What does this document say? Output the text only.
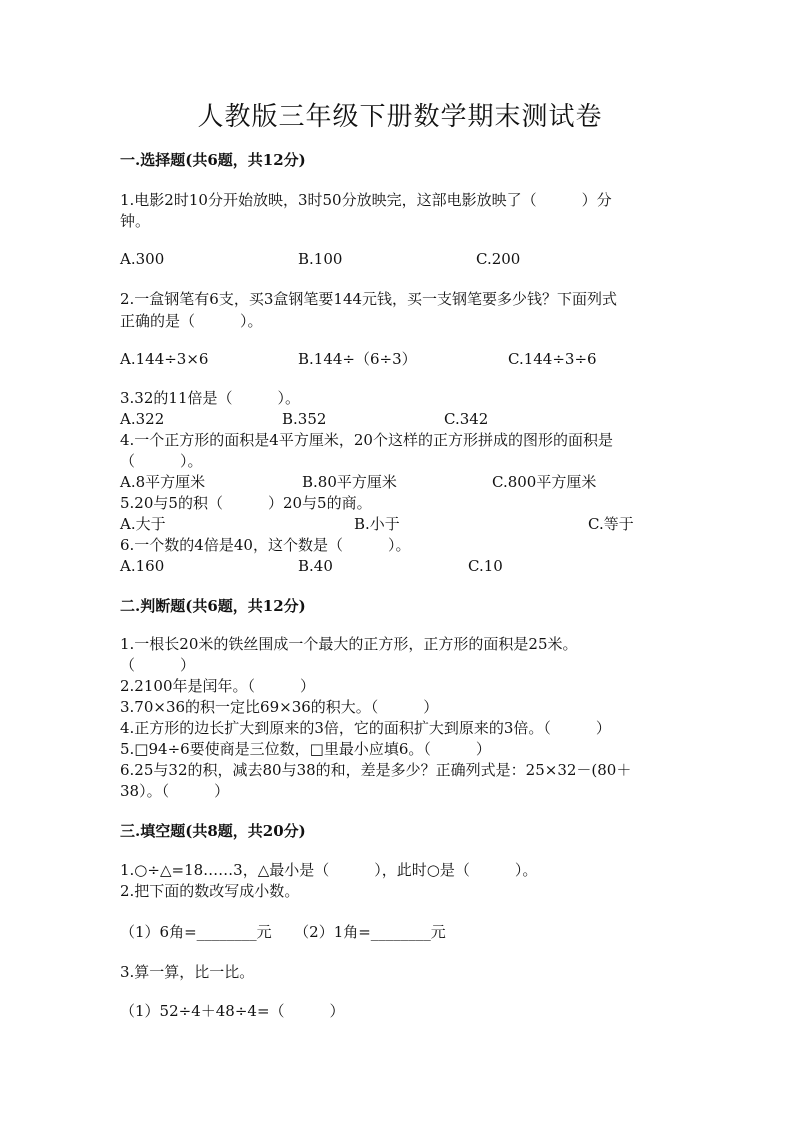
人教版三年级下册数学期末测试卷
一.选择题(共6题，共12分)
1.电影2时10分开始放映，3时50分放映完，这部电影放映了（　　　）分
钟。
A.300	B.100	C.200
2.一盒钢笔有6支，买3盒钢笔要144元钱，买一支钢笔要多少钱？下面列式
正确的是（　　　）。
A.144÷3×6	B.144÷（6÷3）	C.144÷3÷6
3.32的11倍是（　　　）。
A.322	B.352	C.342
4.一个正方形的面积是4平方厘米，20个这样的正方形拼成的图形的面积是
（　　　）。
A.8平方厘米	B.80平方厘米	C.800平方厘米
5.20与5的积（　　　）20与5的商。
A.大于	B.小于	C.等于
6.一个数的4倍是40，这个数是（　　　）。
A.160	B.40	C.10
二.判断题(共6题，共12分)
1.一根长20米的铁丝围成一个最大的正方形，正方形的面积是25米。
（　　　）
2.2100年是闰年。（　　　）
3.70×36的积一定比69×36的积大。（　　　）
4.正方形的边长扩大到原来的3倍，它的面积扩大到原来的3倍。（　　　）
5.□94÷6要使商是三位数，□里最小应填6。（　　　）
6.25与32的积，减去80与38的和，差是多少？正确列式是：25×32－(80＋
38）。（　　　）
三.填空题(共8题，共20分)
1.○÷△=18……3，△最小是（　　　），此时○是（　　　）。
2.把下面的数改写成小数。
（1）6角=________元　　（2）1角=________元
3.算一算，比一比。
（1）52÷4＋48÷4=（　　　）
